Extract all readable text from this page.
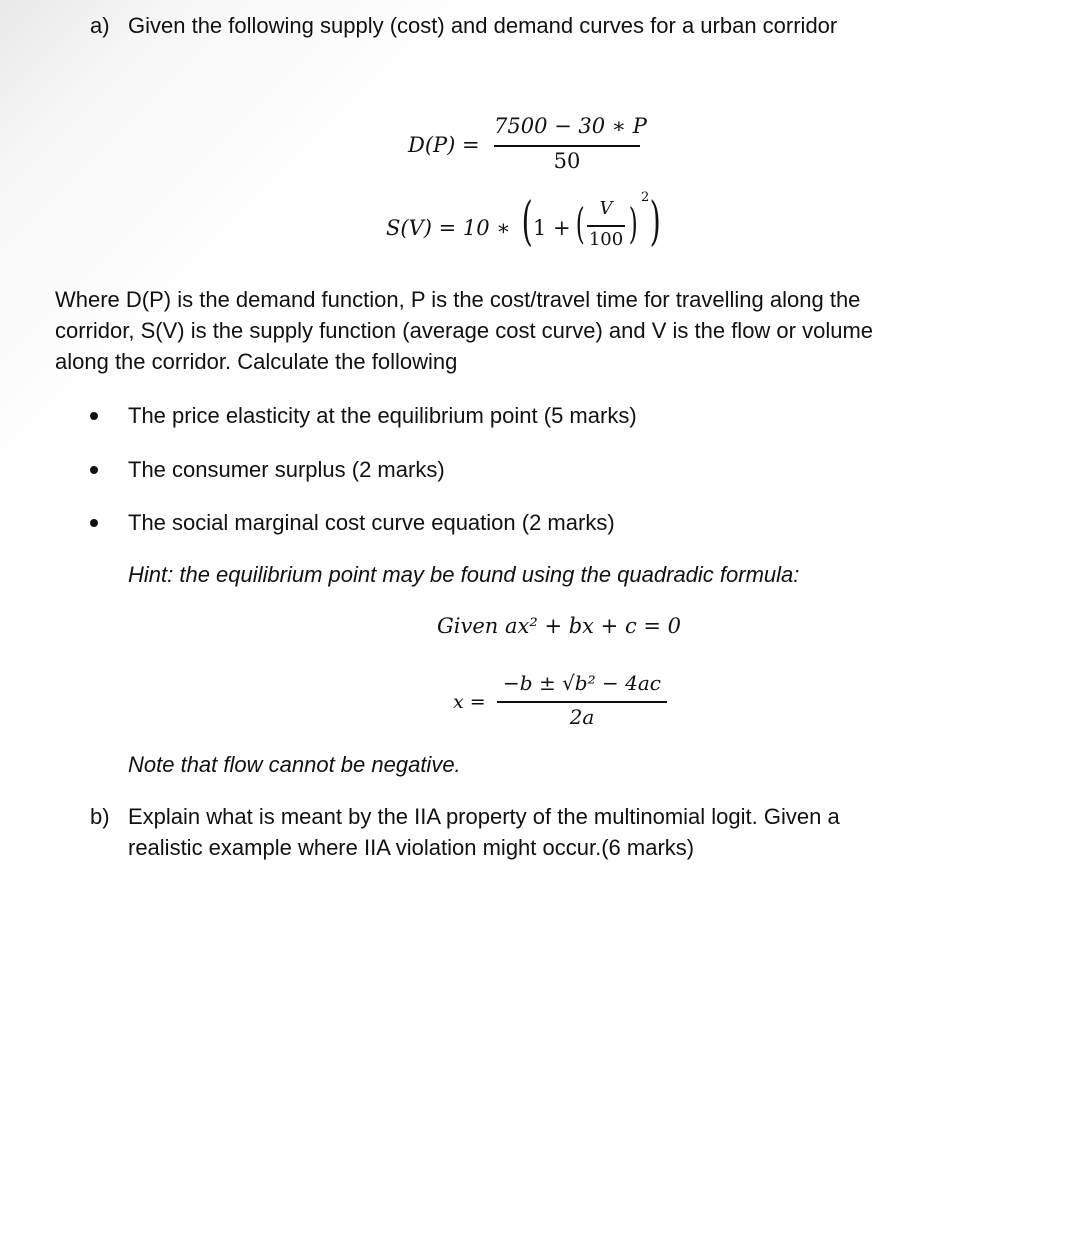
a) Given the following supply (cost) and demand curves for a urban corridor
D(P) =
7500 − 30 ∗ P
50
S(V) = 10 ∗ ( 1 + ( V
100 )
2 )
Where D(P) is the demand function, P is the cost/travel time for travelling along the
corridor, S(V) is the supply function (average cost curve) and V is the flow or volume
along the corridor. Calculate the following
The price elasticity at the equilibrium point (5 marks)
The consumer surplus (2 marks)
The social marginal cost curve equation (2 marks)
Hint: the equilibrium point may be found using the quadradic formula:
Given ax² + bx + c = 0
x =
−b ± √b² − 4ac
2a
Note that flow cannot be negative.
b) Explain what is meant by the IIA property of the multinomial logit. Given a
realistic example where IIA violation might occur.(6 marks)
